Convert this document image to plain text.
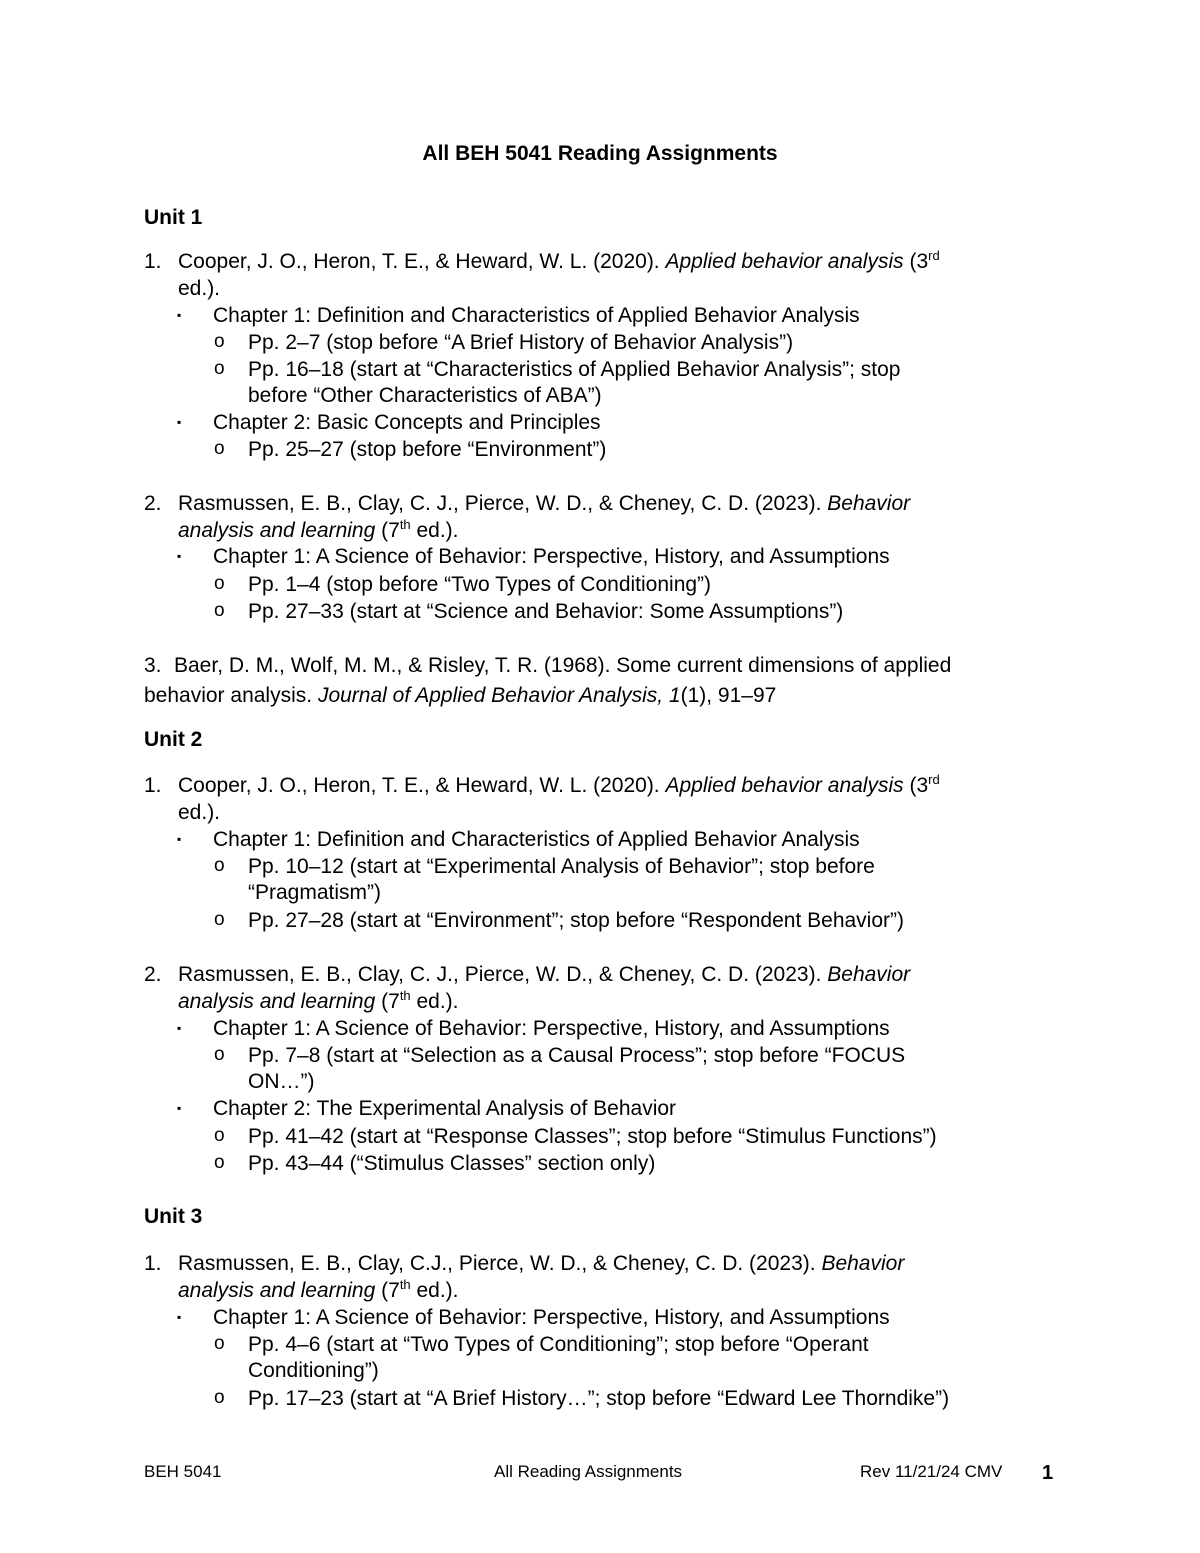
All BEH 5041 Reading Assignments
Unit 1
1. Cooper, J. O., Heron, T. E., & Heward, W. L. (2020). Applied behavior analysis (3rd
ed.).
▪ Chapter 1: Definition and Characteristics of Applied Behavior Analysis
o Pp. 2–7 (stop before “A Brief History of Behavior Analysis”)
o Pp. 16–18 (start at “Characteristics of Applied Behavior Analysis”; stop
before “Other Characteristics of ABA”)
▪ Chapter 2: Basic Concepts and Principles
o Pp. 25–27 (stop before “Environment”)
2. Rasmussen, E. B., Clay, C. J., Pierce, W. D., & Cheney, C. D. (2023). Behavior
analysis and learning (7th ed.).
▪ Chapter 1: A Science of Behavior: Perspective, History, and Assumptions
o Pp. 1–4 (stop before “Two Types of Conditioning”)
o Pp. 27–33 (start at “Science and Behavior: Some Assumptions”)
3. Baer, D. M., Wolf, M. M., & Risley, T. R. (1968). Some current dimensions of applied
behavior analysis. Journal of Applied Behavior Analysis, 1(1), 91–97
Unit 2
1. Cooper, J. O., Heron, T. E., & Heward, W. L. (2020). Applied behavior analysis (3rd
ed.).
▪ Chapter 1: Definition and Characteristics of Applied Behavior Analysis
o Pp. 10–12 (start at “Experimental Analysis of Behavior”; stop before
“Pragmatism”)
o Pp. 27–28 (start at “Environment”; stop before “Respondent Behavior”)
2. Rasmussen, E. B., Clay, C. J., Pierce, W. D., & Cheney, C. D. (2023). Behavior
analysis and learning (7th ed.).
▪ Chapter 1: A Science of Behavior: Perspective, History, and Assumptions
o Pp. 7–8 (start at “Selection as a Causal Process”; stop before “FOCUS
ON…”)
▪ Chapter 2: The Experimental Analysis of Behavior
o Pp. 41–42 (start at “Response Classes”; stop before “Stimulus Functions”)
o Pp. 43–44 (“Stimulus Classes” section only)
Unit 3
1. Rasmussen, E. B., Clay, C.J., Pierce, W. D., & Cheney, C. D. (2023). Behavior
analysis and learning (7th ed.).
▪ Chapter 1: A Science of Behavior: Perspective, History, and Assumptions
o Pp. 4–6 (start at “Two Types of Conditioning”; stop before “Operant
Conditioning”)
o Pp. 17–23 (start at “A Brief History…”; stop before “Edward Lee Thorndike”)
BEH 5041	All Reading Assignments	Rev 11/21/24 CMV 1
